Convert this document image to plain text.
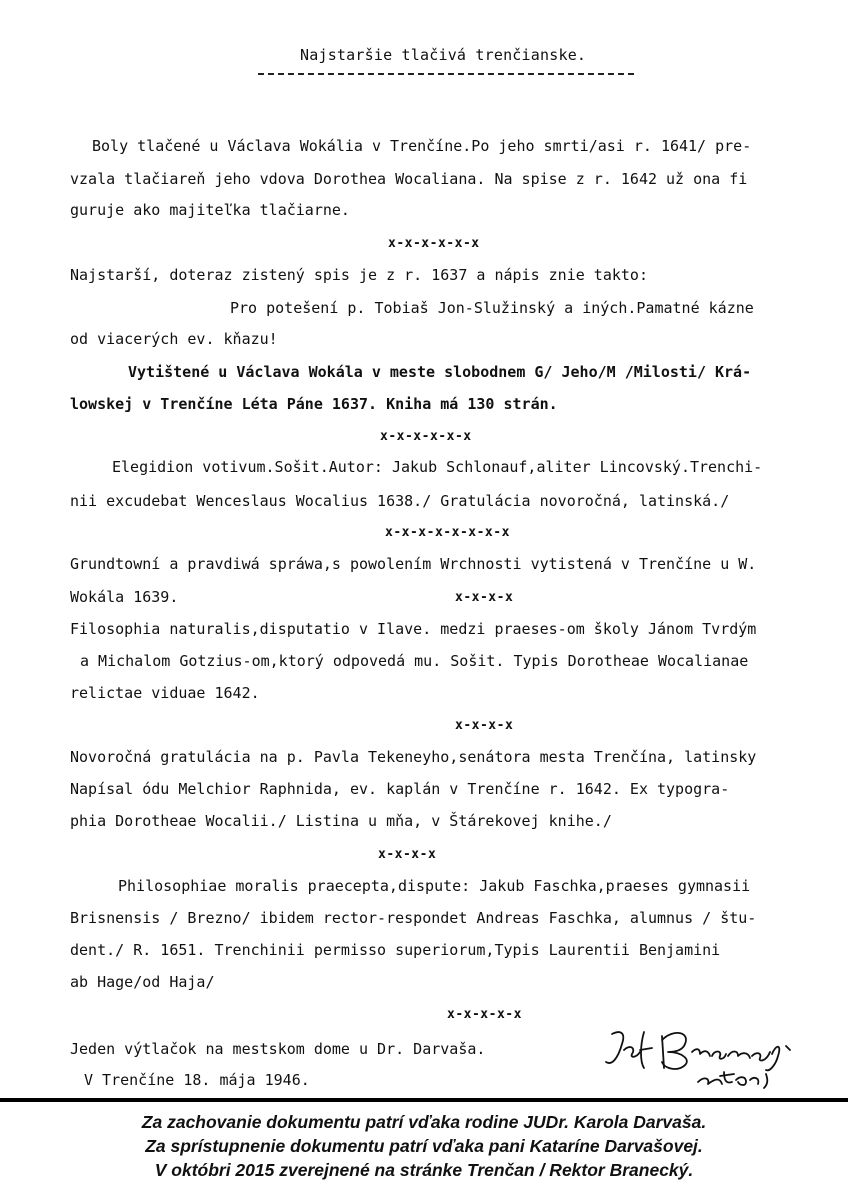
Najstaršie tlačivá trenčianske.
Boly tlačené u Václava Wokália v Trenčíne.Po jeho smrti/asi r. 1641/ pre-
vzala tlačiareň jeho vdova Dorothea Wocaliana. Na spise z r. 1642 už ona fi
guruje ako majiteľka tlačiarne.
x-x-x-x-x-x
Najstarší, doteraz zistený spis je z r. 1637 a nápis znie takto:
Pro potešení p. Tobiaš Jon-Služinský a iných.Pamatné kázne
od viacerých ev. kňazu!
Vytištené u Václava Wokála v meste slobodnem G/ Jeho/M /Milosti/ Krá-
lowskej v Trenčíne Léta Páne 1637. Kniha má 130 strán.
x-x-x-x-x-x
Elegidion votivum.Sošit.Autor: Jakub Schlonauf,aliter Lincovský.Trenchi-
nii excudebat Wenceslaus Wocalius 1638./ Gratulácia novoročná, latinská./
x-x-x-x-x-x-x-x
Grundtowní a pravdiwá spráwa,s powolením Wrchnosti vytistená v Trenčíne u W.
Wokála 1639.	x-x-x-x
Filosophia naturalis,disputatio v Ilave. medzi praeses-om školy Jánom Tvrdým
a Michalom Gotzius-om,ktorý odpovedá mu. Sošit. Typis Dorotheae Wocalianae
relictae viduae 1642.
x-x-x-x
Novoročná gratulácia na p. Pavla Tekeneyho,senátora mesta Trenčína, latinsky
Napísal ódu Melchior Raphnida, ev. kaplán v Trenčíne r. 1642. Ex typogra-
phia Dorotheae Wocalii./ Listina u mňa, v Štárekovej knihe./
x-x-x-x
Philosophiae moralis praecepta,dispute: Jakub Faschka,praeses gymnasii
Brisnensis / Brezno/ ibidem rector-respondet Andreas Faschka, alumnus / štu-
dent./ R. 1651. Trenchinii permisso superiorum,Typis Laurentii Benjamini
ab Hage/od Haja/
x-x-x-x-x
Jeden výtlačok na mestskom dome u Dr. Darvaša.
V Trenčíne 18. mája 1946.
Za zachovanie dokumentu patrí vďaka rodine JUDr. Karola Darvaša.
Za sprístupnenie dokumentu patrí vďaka pani Kataríne Darvašovej.
V októbri 2015 zverejnené na stránke Trenčan / Rektor Branecký.
